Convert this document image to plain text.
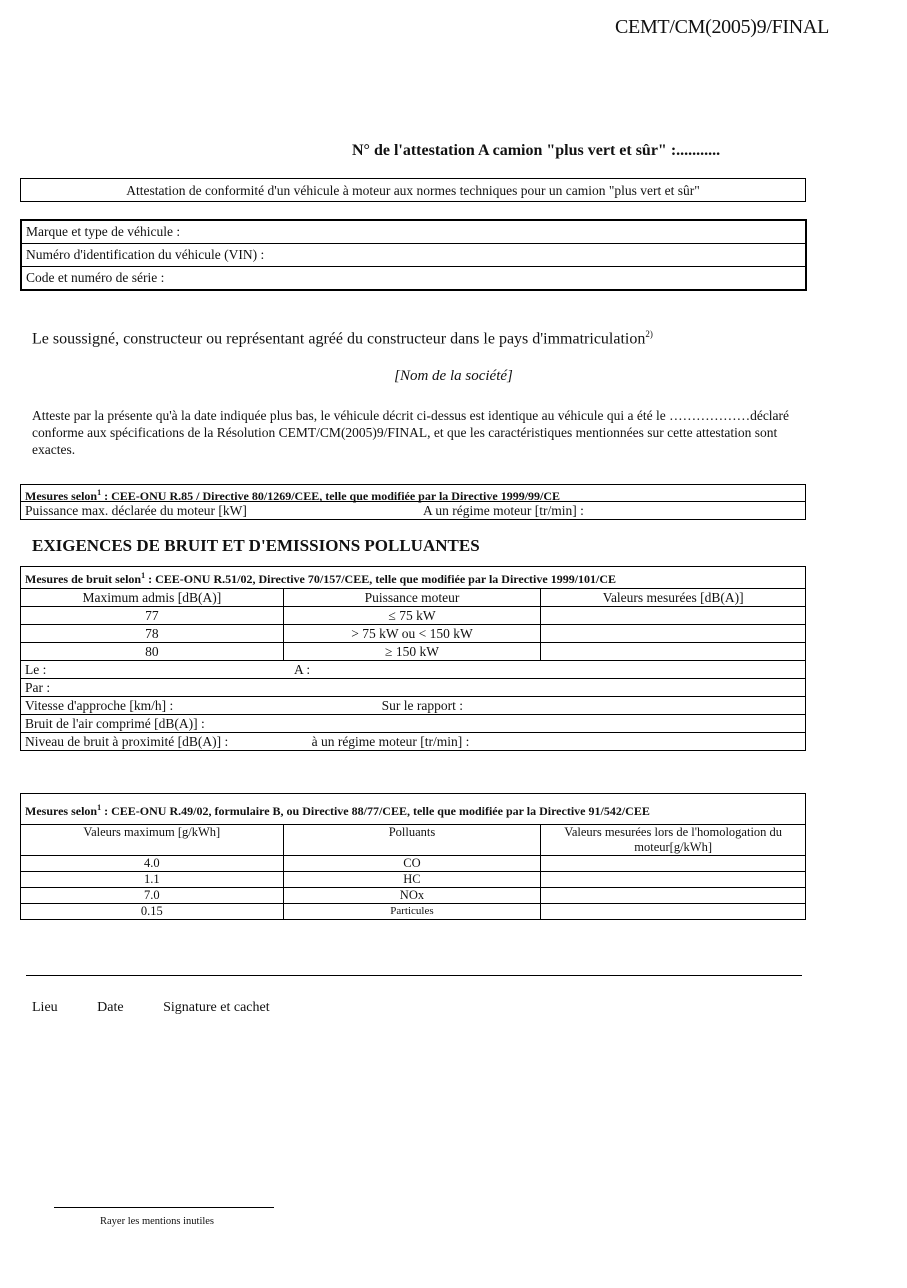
CEMT/CM(2005)9/FINAL
N° de l'attestation A camion "plus vert et sûr" :...........
Attestation de conformité d'un véhicule à moteur aux normes techniques pour un camion "plus vert et sûr"
Marque et type de véhicule :
Numéro d'identification du véhicule (VIN) :
Code et numéro de série :
Le soussigné, constructeur ou représentant agréé du constructeur dans le pays d'immatriculation$^{2)}$
[Nom de la société]
Atteste par la présente qu'à la date indiquée plus bas, le véhicule décrit ci-dessus est identique au véhicule qui a été le ………………déclaré conforme aux spécifications de la Résolution CEMT/CM(2005)9/FINAL, et que les caractéristiques mentionnées sur cette attestation sont exactes.
Mesures selon$^1$ : CEE-ONU R.85 / Directive 80/1269/CEE, telle que modifiée par la Directive 1999/99/CE
Puissance max. déclarée du moteur [kW]	A un régime moteur [tr/min] :
EXIGENCES DE BRUIT ET D'EMISSIONS POLLUANTES
Mesures de bruit selon$^1$ : CEE-ONU R.51/02, Directive 70/157/CEE, telle que modifiée par la Directive 1999/101/CE		
Maximum admis [dB(A)]	Puissance moteur	Valeurs mesurées [dB(A)]
77	≤ 75 kW	
78	> 75 kW ou < 150 kW	
80	≥ 150 kW	
Le : A :		
Par :		
Vitesse d'approche [km/h] : Sur le rapport :		
Bruit de l'air comprimé [dB(A)] :		
Niveau de bruit à proximité [dB(A)] : à un régime moteur [tr/min] :		
Mesures selon$^1$ : CEE-ONU R.49/02, formulaire B, ou Directive 88/77/CEE, telle que modifiée par la Directive 91/542/CEE		
Valeurs maximum [g/kWh]	Polluants	Valeurs mesurées lors de l'homologation du moteur[g/kWh]
4.0	CO	
1.1	HC	
7.0	NOx	
0.15	Particules	
Lieu	Date	Signature et cachet
Rayer les mentions inutiles
